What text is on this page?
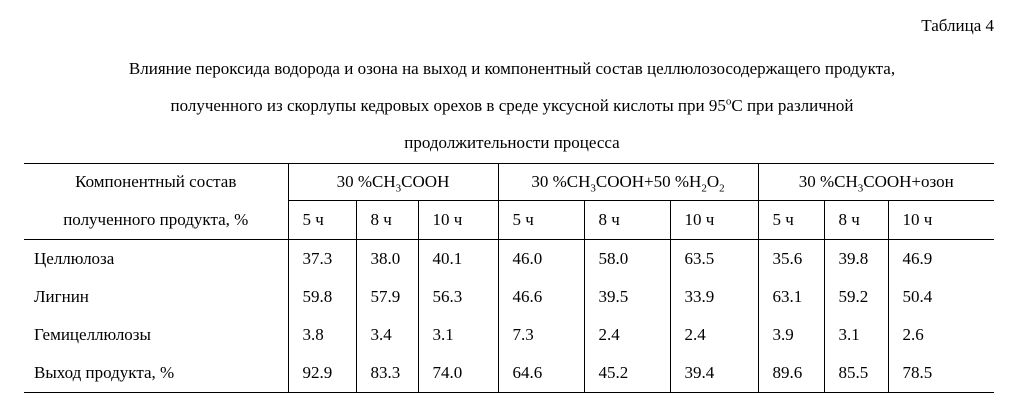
Таблица 4
Влияние пероксида водорода и озона на выход и компонентный состав целлюлозосодержащего продукта,
полученного из скорлупы кедровых орехов в среде уксусной кислоты при 95$^o$С при различной
продолжительности процесса
Компонентный состав	30 $\%CH_3COOH$			30 $\%CH_3COOH+50$ $\%H_2O_2$			30 $\%CH_3COOH+озон$		
полученного продукта, %	5 ч	8 ч	10 ч	5 ч	8 ч	10 ч	5 ч	8 ч	10 ч
Целлюлоза	37.3	38.0	40.1	46.0	58.0	63.5	35.6	39.8	46.9
Лигнин	59.8	57.9	56.3	46.6	39.5	33.9	63.1	59.2	50.4
Гемицеллюлозы	3.8	3.4	3.1	7.3	2.4	2.4	3.9	3.1	2.6
Выход продукта, %	92.9	83.3	74.0	64.6	45.2	39.4	89.6	85.5	78.5
